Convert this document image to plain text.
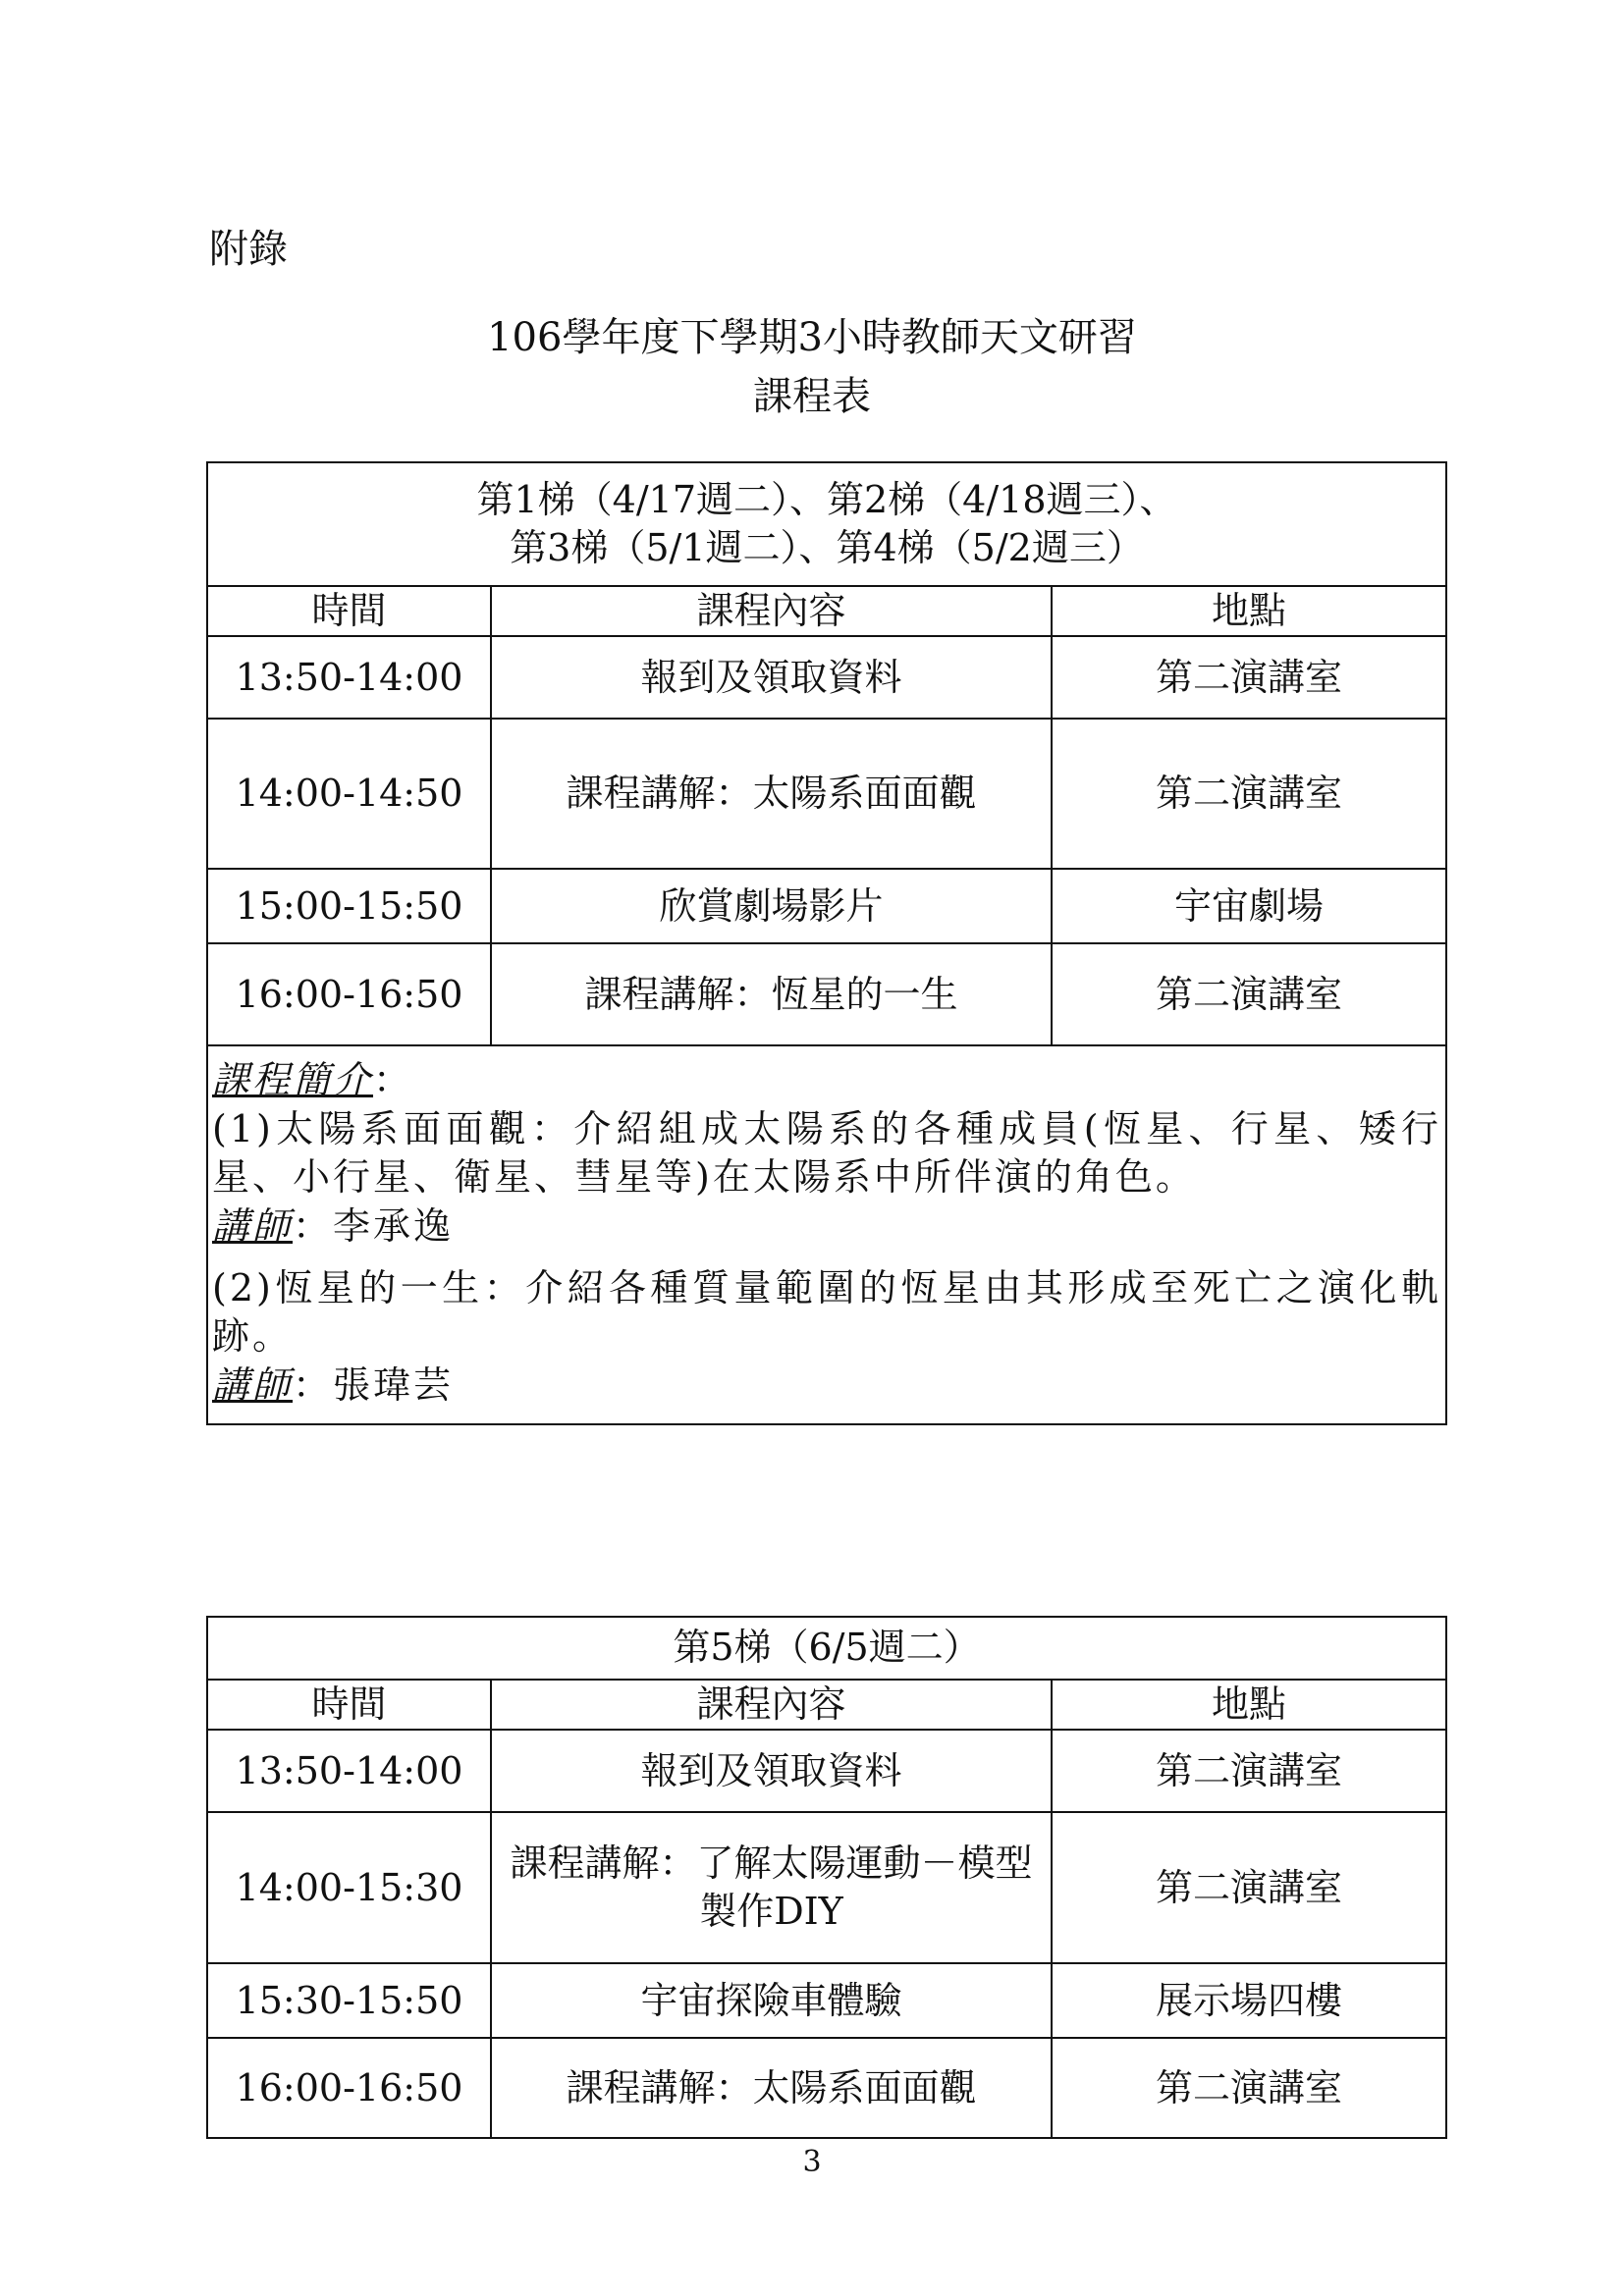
附錄
106學年度下學期3小時教師天文研習
課程表
第1梯（4/17週二）、第2梯（4/18週三）、
第3梯（5/1週二）、第4梯（5/2週三）		

時間	課程內容	地點
13:50-14:00	報到及領取資料	第二演講室
14:00-14:50	課程講解：太陽系面面觀	第二演講室
15:00-15:50	欣賞劇場影片	宇宙劇場
16:00-16:50	課程講解：恆星的一生	第二演講室

課程簡介：

(1)太陽系面面觀：介紹組成太陽系的各種成員(恆星、行星、矮行星、小行星、衛星、彗星等)在太陽系中所伴演的角色。

講師：李承逸

(2)恆星的一生：介紹各種質量範圍的恆星由其形成至死亡之演化軌跡。

講師：張瑋芸		

第5梯（6/5週二）		
時間	課程內容	地點
13:50-14:00	報到及領取資料	第二演講室
14:00-15:30	課程講解：了解太陽運動－模型
製作DIY	第二演講室
15:30-15:50	宇宙探險車體驗	展示場四樓
16:00-16:50	課程講解：太陽系面面觀	第二演講室
3
